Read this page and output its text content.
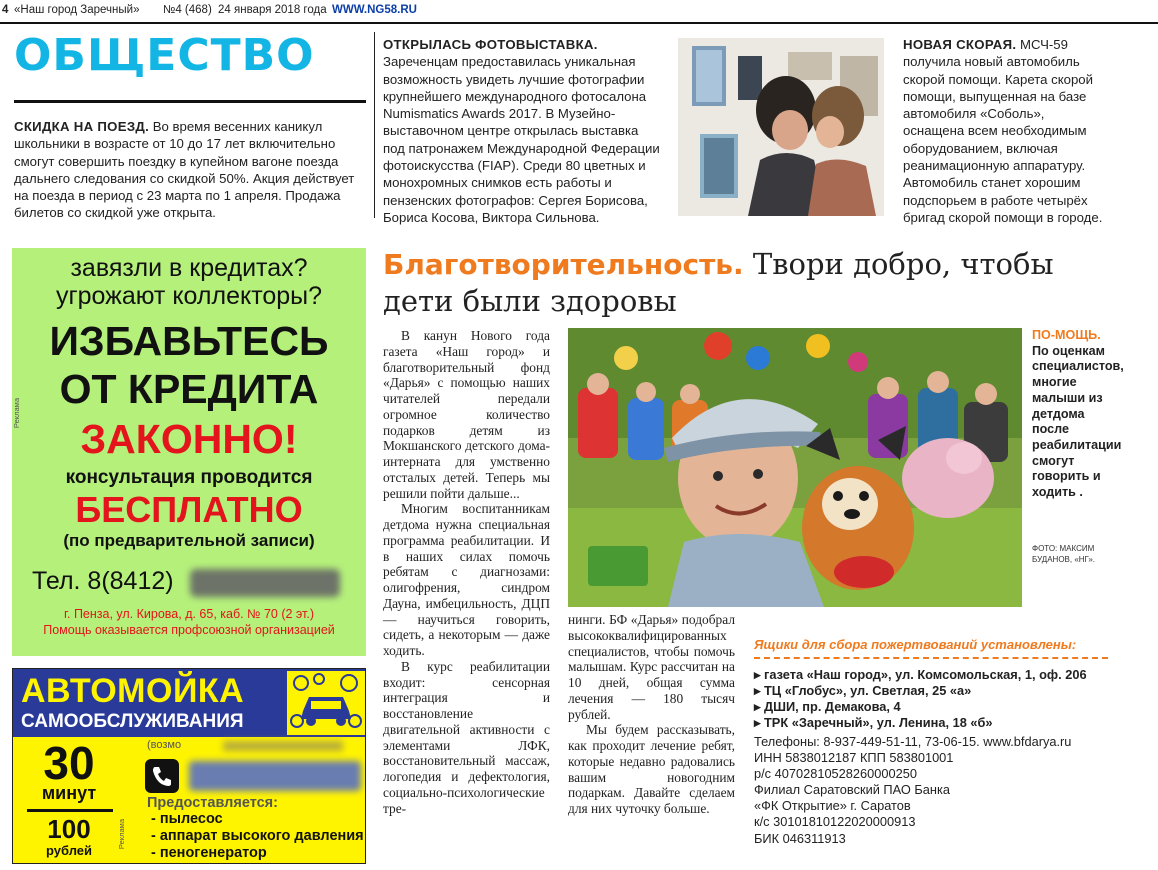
4 «Наш город Заречный» №4 (468) 24 января 2018 года WWW.NG58.RU
ОБЩЕСТВО
СКИДКА НА ПОЕЗД. Во время весенних каникул школьники в возрасте от 10 до 17 лет включительно смогут совершить поездку в купейном вагоне поезда дальнего следования со скидкой 50%. Акция действует на поезда в период с 23 марта по 1 апреля. Продажа билетов со скидкой уже открыта.
ОТКРЫЛАСЬ ФОТОВЫСТАВКА. Зареченцам предоставилась уникальная возможность увидеть лучшие фотографии крупнейшего международного фотосалона Numismatics Awards 2017. В Музейно-выставочном центре открылась выставка под патронажем Международной Федерации фотоискусства (FIAP). Среди 80 цветных и монохромных снимков есть работы и пензенских фотографов: Сергея Борисова, Бориса Косова, Виктора Сильнова.
НОВАЯ СКОРАЯ. МСЧ-59 получила новый автомобиль скорой помощи. Карета скорой помощи, выпущенная на базе автомобиля «Соболь», оснащена всем необходимым оборудованием, включая реанимационную аппаратуру. Автомобиль станет хорошим подспорьем в работе четырёх бригад скорой помощи в городе.
завязли в кредитах?
угрожают коллекторы?
ИЗБАВЬТЕСЬ
ОТ КРЕДИТА
ЗАКОННО!
консультация проводится
БЕСПЛАТНО
(по предварительной записи)
Тел. 8(8412)
г. Пенза, ул. Кирова, д. 65, каб. № 70 (2 эт.)
Помощь оказывается профсоюзной организацией
Реклама
АВТОМОЙКА
САМООБСЛУЖИВАНИЯ
30
минут
100
рублей
Реклама
(возмо
Предоставляется:
- пылесос
- аппарат высокого давления
- пеногенератор
Благотворительность. Твори добро, чтобы дети были здоровы

В канун Нового года газета «Наш город» и благотворительный фонд «Дарья» с помощью наших читателей передали огромное количество подарков детям из Мокшанского детского дома-интерната для умственно отсталых детей. Теперь мы решили пойти дальше...

Многим воспитанникам детдома нужна специальная программа реабилитации. И в наших силах помочь ребятам с диагнозами: олигофрения, синдром Дауна, имбецильность, ДЦП — научиться говорить, сидеть, а некоторым — даже ходить.

В курс реабилитации входит: сенсорная интеграция и восстановление двигательной активности с элементами ЛФК, восстановительный массаж, логопедия и дефектология, социально-психологические тре-

ПО-МОЩЬ. По оценкам специалистов, многие малыши из детдома после реабилитации смогут говорить и ходить .
ФОТО: МАКСИМ БУДАНОВ, «НГ».

нинги. БФ «Дарья» подобрал высококвалифицированных специалистов, чтобы помочь малышам. Курс рассчитан на 10 дней, общая сумма лечения — 180 тысяч рублей.

Мы будем рассказывать, как проходит лечение ребят, которые недавно радовались вашим новогодним подаркам. Давайте сделаем для них чуточку больше.

Ящики для сбора пожертвований установлены:
▸ газета «Наш город», ул. Комсомольская, 1, оф. 206
▸ ТЦ «Глобус», ул. Светлая, 25 «а»
▸ ДШИ, пр. Демакова, 4
▸ ТРК «Заречный», ул. Ленина, 18 «б»
Телефоны: 8-937-449-51-11, 73-06-15. www.bfdarya.ru
ИНН 5838012187 КПП 583801001
р/с 40702810528260000250
Филиал Саратовский ПАО Банка
«ФК Открытие» г. Саратов
к/с 30101810122020000913
БИК 046311913
